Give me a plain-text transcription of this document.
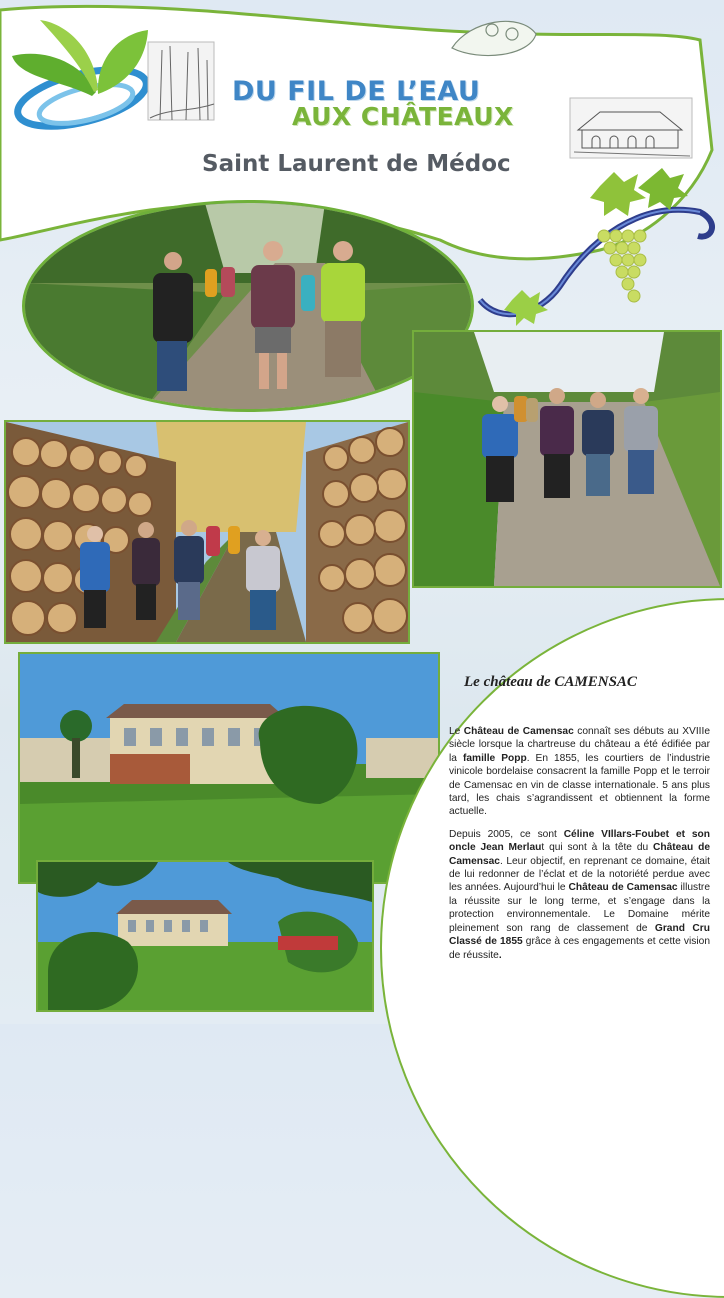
DU FIL DE L’EAU
AUX CHÂTEAUX
Saint Laurent de Médoc
Le château de CAMENSAC

Le Château de Camensac connaît ses débuts au XVIIIe siècle lorsque la chartreuse du château a été édifiée par la famille Popp. En 1855, les courtiers de l’industrie vinicole bordelaise consacrent la famille Popp et le terroir de Camensac en vin de classe internationale. 5 ans plus tard, les chais s’agrandissent et obtiennent la forme actuelle.

Depuis 2005, ce sont Céline VIllars-Foubet et son oncle Jean Merlaut qui sont à la tête du Château de Camensac. Leur objectif, en reprenant ce domaine, était de lui redonner de l’éclat et de la notoriété perdue avec les années. Aujourd’hui le Château de Camensac illustre la réussite sur le long terme, et s’engage dans la protection environnementale. Le Domaine mérite pleinement son rang de classement de Grand Cru Classé de 1855 grâce à ces engagements et cette vision de réussite.
